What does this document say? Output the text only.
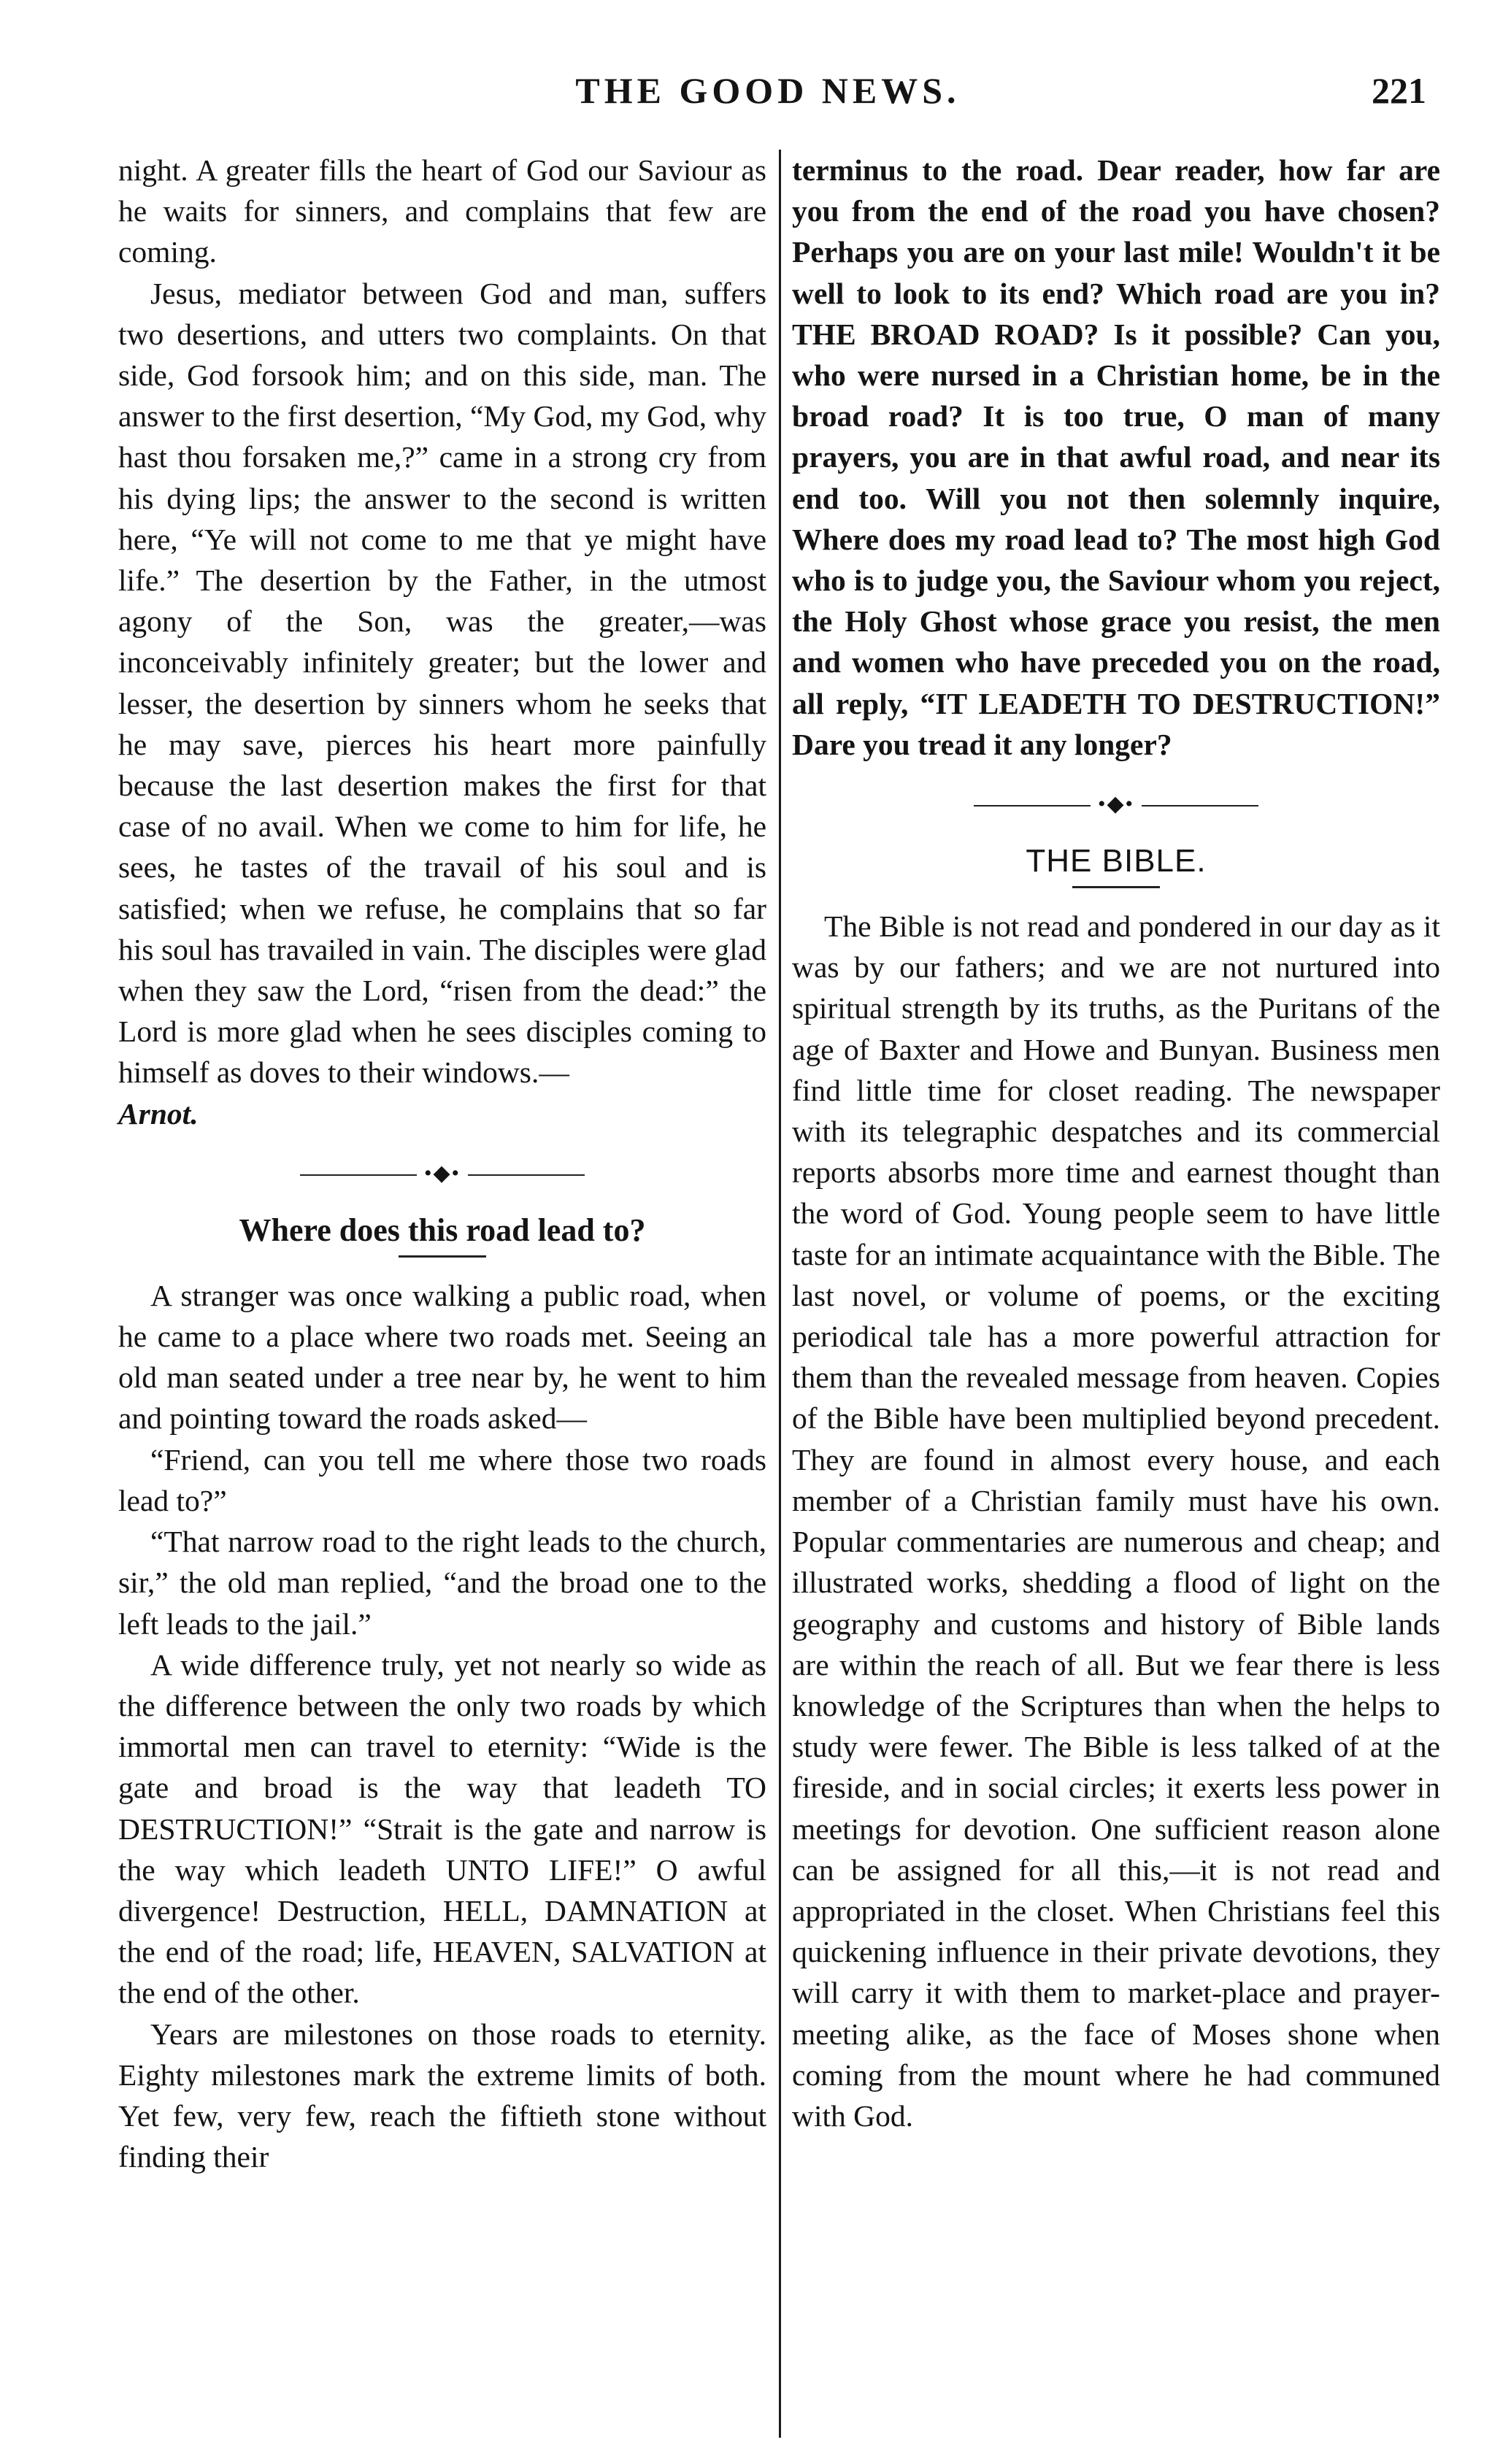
THE GOOD NEWS.	221

night. A greater fills the heart of God our Saviour as he waits for sinners, and complains that few are coming.

Jesus, mediator between God and man, suffers two desertions, and utters two complaints. On that side, God forsook him; and on this side, man. The answer to the first desertion, “My God, my God, why hast thou forsaken me,?” came in a strong cry from his dying lips; the answer to the second is written here, “Ye will not come to me that ye might have life.” The desertion by the Father, in the utmost agony of the Son, was the greater,—was inconceivably infinitely greater; but the lower and lesser, the desertion by sinners whom he seeks that he may save, pierces his heart more painfully because the last desertion makes the first for that case of no avail. When we come to him for life, he sees, he tastes of the travail of his soul and is satisfied; when we refuse, he complains that so far his soul has travailed in vain. The disciples were glad when they saw the Lord, “risen from the dead:” the Lord is more glad when he sees disciples coming to himself as doves to their windows.—

Arnot.

•◆•
Where does this road lead to?

A stranger was once walking a public road, when he came to a place where two roads met. Seeing an old man seated under a tree near by, he went to him and pointing toward the roads asked—

“Friend, can you tell me where those two roads lead to?”

“That narrow road to the right leads to the church, sir,” the old man replied, “and the broad one to the left leads to the jail.”

A wide difference truly, yet not nearly so wide as the difference between the only two roads by which immortal men can travel to eternity: “Wide is the gate and broad is the way that leadeth TO DESTRUCTION!” “Strait is the gate and narrow is the way which leadeth UNTO LIFE!” O awful divergence! Destruction, HELL, DAMNATION at the end of the road; life, HEAVEN, SALVATION at the end of the other.

Years are milestones on those roads to eternity. Eighty milestones mark the extreme limits of both. Yet few, very few, reach the fiftieth stone without finding their

terminus to the road. Dear reader, how far are you from the end of the road you have chosen? Perhaps you are on your last mile! Wouldn't it be well to look to its end? Which road are you in? THE BROAD ROAD? Is it possible? Can you, who were nursed in a Christian home, be in the broad road? It is too true, O man of many prayers, you are in that awful road, and near its end too. Will you not then solemnly inquire, Where does my road lead to? The most high God who is to judge you, the Saviour whom you reject, the Holy Ghost whose grace you resist, the men and women who have preceded you on the road, all reply, “IT LEADETH TO DESTRUCTION!” Dare you tread it any longer?

•◆•
THE BIBLE.

The Bible is not read and pondered in our day as it was by our fathers; and we are not nurtured into spiritual strength by its truths, as the Puritans of the age of Baxter and Howe and Bunyan. Business men find little time for closet reading. The newspaper with its telegraphic despatches and its commercial reports absorbs more time and earnest thought than the word of God. Young people seem to have little taste for an intimate acquaintance with the Bible. The last novel, or volume of poems, or the exciting periodical tale has a more powerful attraction for them than the revealed message from heaven. Copies of the Bible have been multiplied beyond precedent. They are found in almost every house, and each member of a Christian family must have his own. Popular commentaries are numerous and cheap; and illustrated works, shedding a flood of light on the geography and customs and history of Bible lands are within the reach of all. But we fear there is less knowledge of the Scriptures than when the helps to study were fewer. The Bible is less talked of at the fireside, and in social circles; it exerts less power in meetings for devotion. One sufficient reason alone can be assigned for all this,—it is not read and appropriated in the closet. When Christians feel this quickening influence in their private devotions, they will carry it with them to market-place and prayer-meeting alike, as the face of Moses shone when coming from the mount where he had communed with God.
